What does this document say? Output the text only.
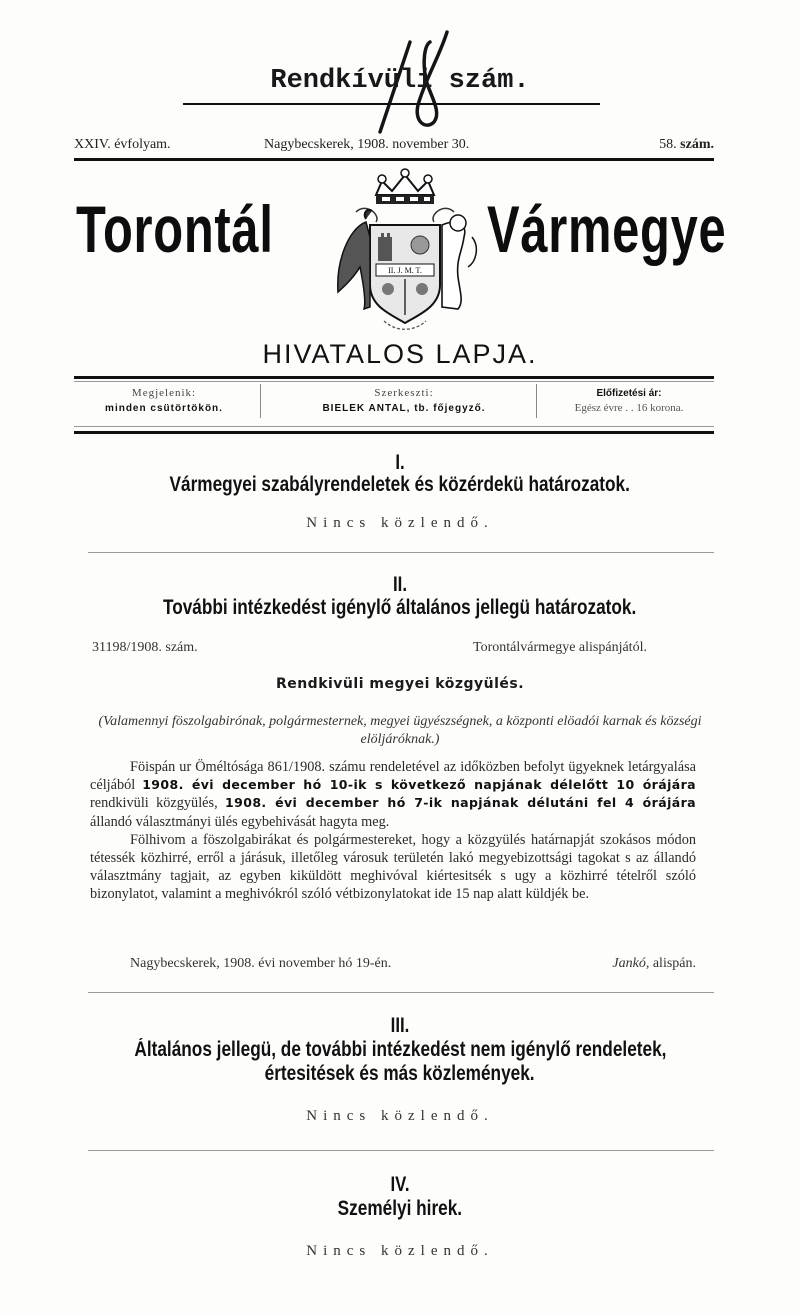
Rendkívüli szám.
XXIV. évfolyam.	Nagybecskerek, 1908. november 30.	58. szám.
Torontál
II. J. M. T.
Vármegye
HIVATALOS LAPJA.
Megjelenik:
minden csütörtökön.
Szerkeszti:
BIELEK ANTAL, tb. főjegyző.
Előfizetési ár:
Egész évre . . 16 korona.
I.
Vármegyei szabályrendeletek és közérdekü határozatok.
Nincs közlendő.
II.
További intézkedést igénylő általános jellegü határozatok.
31198/1908. szám.	Torontálvármegye alispánjától.
Rendkivüli megyei közgyülés.
(Valamennyi föszolgabirónak, polgármesternek, megyei ügyészségnek, a központi elöadói karnak és községi elöljáróknak.)

Föispán ur Öméltósága 861/1908. számu rendeletével az időközben befolyt ügyeknek letárgyalása céljából 1908. évi december hó 10-ik s következő napjának délelőtt 10 órájára rendkivüli közgyülés, 1908. évi december hó 7-ik napjának délutáni fel 4 órájára állandó választmányi ülés egybehivását hagyta meg.

Fölhivom a föszolgabirákat és polgármestereket, hogy a közgyülés határnapját szokásos módon tétessék közhirré, erről a járásuk, illetőleg városuk területén lakó megyebizottsági tagokat s az állandó választmány tagjait, az egyben kiküldött meghivóval kiértesitsék s ugy a közhirré tételről szóló bizonylatot, valamint a meghivókról szóló vétbizonylatokat ide 15 nap alatt küldjék be.

Nagybecskerek, 1908. évi november hó 19-én.	Jankó, alispán.
III.
Általános jellegü, de további intézkedést nem igénylő rendeletek,
értesitések és más közlemények.
Nincs közlendő.
IV.
Személyi hirek.
Nincs közlendő.
